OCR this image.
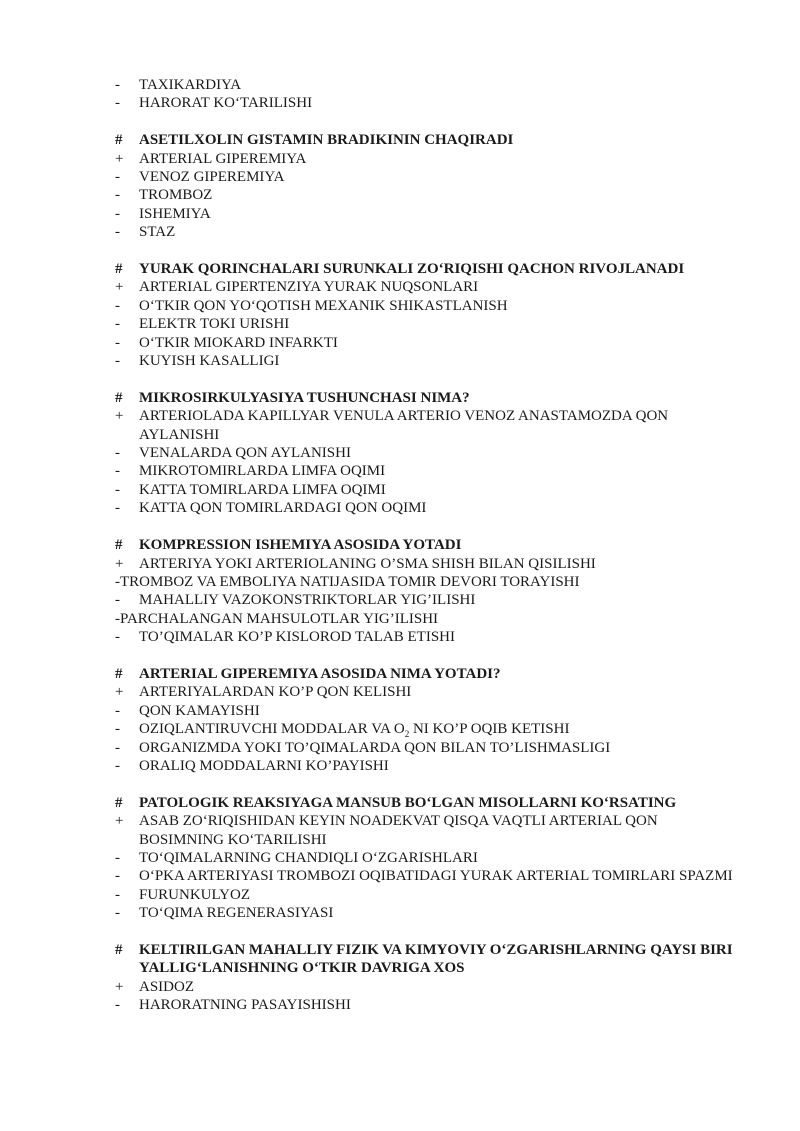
-	TAXIKARDIYA
-	HARORAT KO‘TARILISHI
#	ASETILXOLIN GISTAMIN BRADIKININ CHAQIRADI
+	ARTERIAL GIPEREMIYA
-	VENOZ GIPEREMIYA
-	TROMBOZ
-	ISHEMIYA
-	STAZ
#	YURAK QORINCHALARI SURUNKALI ZO‘RIQISHI QACHON RIVOJLANADI
+	ARTERIAL GIPERTENZIYA YURAK NUQSONLARI
-	O‘TKIR QON YO‘QOTISH MEXANIK SHIKASTLANISH
-	ELEKTR TOKI URISHI
-	O‘TKIR MIOKARD INFARKTI
-	KUYISH KASALLIGI
#	MIKROSIRKULYASIYA TUSHUNCHASI NIMA?
+	ARTERIOLADA KAPILLYAR VENULA ARTERIO VENOZ ANASTAMOZDA QON AYLANISHI
-	VENALARDA QON AYLANISHI
-	MIKROTOMIRLARDA LIMFA OQIMI
-	KATTA TOMIRLARDA LIMFA OQIMI
-	KATTA QON TOMIRLARDAGI QON OQIMI
#	KOMPRESSION ISHEMIYA ASOSIDA YOTADI
+	ARTERIYA YOKI ARTERIOLANING O’SMA SHISH BILAN QISILISHI
-TROMBOZ VA EMBOLIYA NATIJASIDA TOMIR DEVORI TORAYISHI
-	MAHALLIY VAZOKONSTRIKTORLAR YIG’ILISHI
-PARCHALANGAN MAHSULOTLAR YIG’ILISHI
-	TO’QIMALAR KO’P KISLOROD TALAB ETISHI
#	ARTERIAL GIPEREMIYA ASOSIDA NIMA YOTADI?
+	ARTERIYALARDAN KO’P QON KELISHI
-	QON KAMAYISHI
-	OZIQLANTIRUVCHI MODDALAR VA $O_2$ NI KO’P OQIB KETISHI
-	ORGANIZMDA YOKI TO’QIMALARDA QON BILAN TO’LISHMASLIGI
-	ORALIQ MODDALARNI KO’PAYISHI
#	PATOLOGIK REAKSIYAGA MANSUB BO‘LGAN MISOLLARNI KO‘RSATING
+	ASAB ZO‘RIQISHIDAN KEYIN NOADEKVAT QISQA VAQTLI ARTERIAL QON BOSIMNING KO‘TARILISHI
-	TO‘QIMALARNING CHANDIQLI O‘ZGARISHLARI
-	O‘PKA ARTERIYASI TROMBOZI OQIBATIDAGI YURAK ARTERIAL TOMIRLARI SPAZMI
-	FURUNKULYOZ
-	TO‘QIMA REGENERASIYASI
#	KELTIRILGAN MAHALLIY FIZIK VA KIMYOVIY O‘ZGARISHLARNING QAYSI BIRI YALLIG‘LANISHNING O‘TKIR DAVRIGA XOS
+	ASIDOZ
-	HARORATNING PASAYISHISHI
